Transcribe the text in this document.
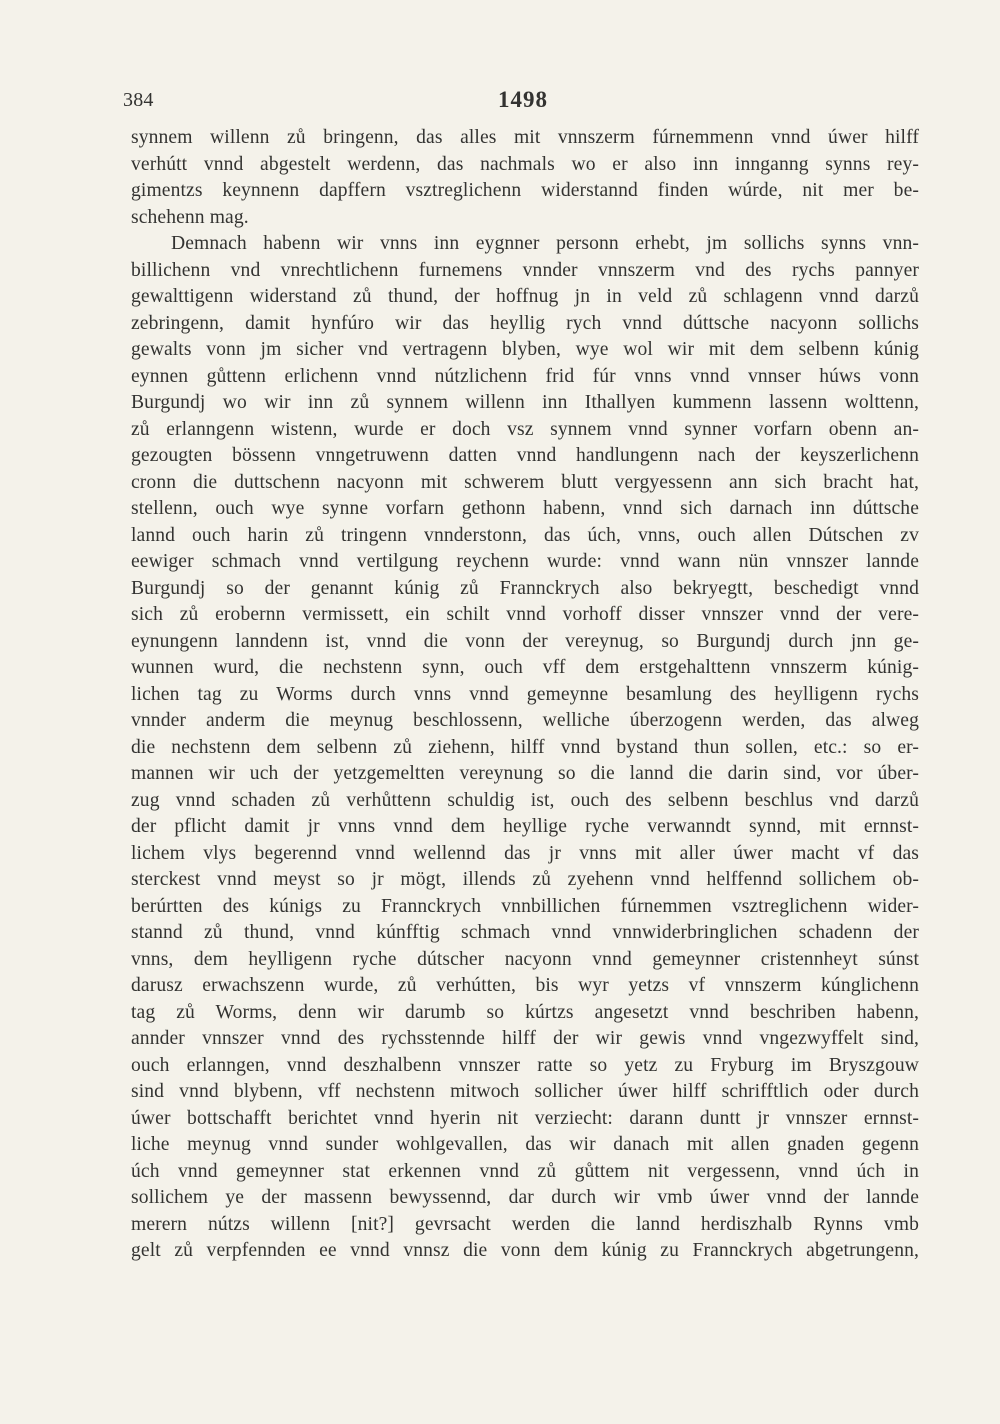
384	1498
synnem willenn zů bringenn, das alles mit vnnszerm fúrnemmenn vnnd úwer hilff
verhútt vnnd abgestelt werdenn, das nachmals wo er also inn innganng synns rey-
gimentzs keynnenn dapffern vsztreglichenn widerstannd finden wúrde, nit mer be-
schehenn mag.
Demnach habenn wir vnns inn eygnner personn erhebt, jm sollichs synns vnn-
billichenn vnd vnrechtlichenn furnemens vnnder vnnszerm vnd des rychs pannyer
gewalttigenn widerstand zů thund, der hoffnug jn in veld zů schlagenn vnnd darzů
zebringenn, damit hynfúro wir das heyllig rych vnnd dúttsche nacyonn sollichs
gewalts vonn jm sicher vnd vertragenn blyben, wye wol wir mit dem selbenn kúnig
eynnen gůttenn erlichenn vnnd nútzlichenn frid fúr vnns vnnd vnnser húws vonn
Burgundj wo wir inn zů synnem willenn inn Ithallyen kummenn lassenn wolttenn,
zů erlanngenn wistenn, wurde er doch vsz synnem vnnd synner vorfarn obenn an-
gezougten bössenn vnngetruwenn datten vnnd handlungenn nach der keyszerlichenn
cronn die duttschenn nacyonn mit schwerem blutt vergyessenn ann sich bracht hat,
stellenn, ouch wye synne vorfarn gethonn habenn, vnnd sich darnach inn dúttsche
lannd ouch harin zů tringenn vnnderstonn, das úch, vnns, ouch allen Dútschen zv
eewiger schmach vnnd vertilgung reychenn wurde: vnnd wann nün vnnszer lannde
Burgundj so der genannt kúnig zů Frannckrych also bekryegtt, beschedigt vnnd
sich zů erobernn vermissett, ein schilt vnnd vorhoff disser vnnszer vnnd der vere-
eynungenn lanndenn ist, vnnd die vonn der vereynug, so Burgundj durch jnn ge-
wunnen wurd, die nechstenn synn, ouch vff dem erstgehalttenn vnnszerm kúnig-
lichen tag zu Worms durch vnns vnnd gemeynne besamlung des heylligenn rychs
vnnder anderm die meynug beschlossenn, welliche úberzogenn werden, das alweg
die nechstenn dem selbenn zů ziehenn, hilff vnnd bystand thun sollen, etc.: so er-
mannen wir uch der yetzgemeltten vereynung so die lannd die darin sind, vor úber-
zug vnnd schaden zů verhůttenn schuldig ist, ouch des selbenn beschlus vnd darzů
der pflicht damit jr vnns vnnd dem heyllige ryche verwanndt synnd, mit ernnst-
lichem vlys begerennd vnnd wellennd das jr vnns mit aller úwer macht vf das
sterckest vnnd meyst so jr mögt, illends zů zyehenn vnnd helffennd sollichem ob-
berúrtten des kúnigs zu Frannckrych vnnbillichen fúrnemmen vsztreglichenn wider-
stannd zů thund, vnnd kúnfftig schmach vnnd vnnwiderbringlichen schadenn der
vnns, dem heylligenn ryche dútscher nacyonn vnnd gemeynner cristennheyt súnst
darusz erwachszenn wurde, zů verhútten, bis wyr yetzs vf vnnszerm kúnglichenn
tag zů Worms, denn wir darumb so kúrtzs angesetzt vnnd beschriben habenn,
annder vnnszer vnnd des rychsstennde hilff der wir gewis vnnd vngezwyffelt sind,
ouch erlanngen, vnnd deszhalbenn vnnszer ratte so yetz zu Fryburg im Bryszgouw
sind vnnd blybenn, vff nechstenn mitwoch sollicher úwer hilff schrifftlich oder durch
úwer bottschafft berichtet vnnd hyerin nit verziecht: darann duntt jr vnnszer ernnst-
liche meynug vnnd sunder wohlgevallen, das wir danach mit allen gnaden gegenn
úch vnnd gemeynner stat erkennen vnnd zů gůttem nit vergessenn, vnnd úch in
sollichem ye der massenn bewyssennd, dar durch wir vmb úwer vnnd der lannde
merern nútzs willenn [nit?] gevrsacht werden die lannd herdiszhalb Rynns vmb
gelt zů verpfennden ee vnnd vnnsz die vonn dem kúnig zu Frannckrych abgetrungenn,
